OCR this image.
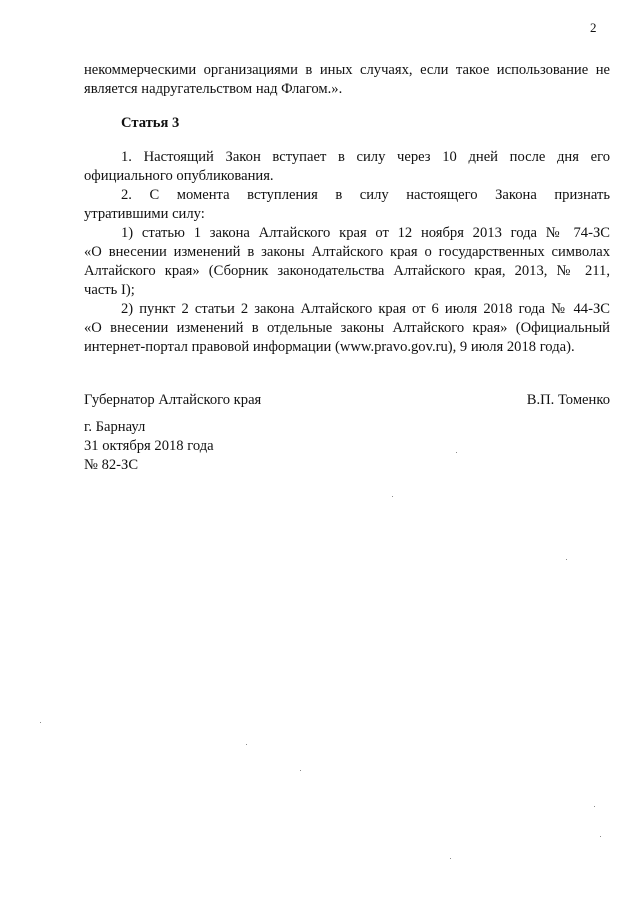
2
некоммерческими организациями в иных случаях, если такое использование не
является надругательством над Флагом.».
Статья 3
1. Настоящий Закон вступает в силу через 10 дней после дня его
официального опубликования.
2. С момента вступления в силу настоящего Закона признать
утратившими силу:
1) статью 1 закона Алтайского края от 12 ноября 2013 года № 74-ЗС
«О внесении изменений в законы Алтайского края о государственных символах
Алтайского края» (Сборник законодательства Алтайского края, 2013, № 211,
часть I);
2) пункт 2 статьи 2 закона Алтайского края от 6 июля 2018 года № 44-ЗС
«О внесении изменений в отдельные законы Алтайского края» (Официальный
интернет-портал правовой информации (www.pravo.gov.ru), 9 июля 2018 года).
Губернатор Алтайского края	В.П. Томенко
г. Барнаул
31 октября 2018 года
№ 82-ЗС
